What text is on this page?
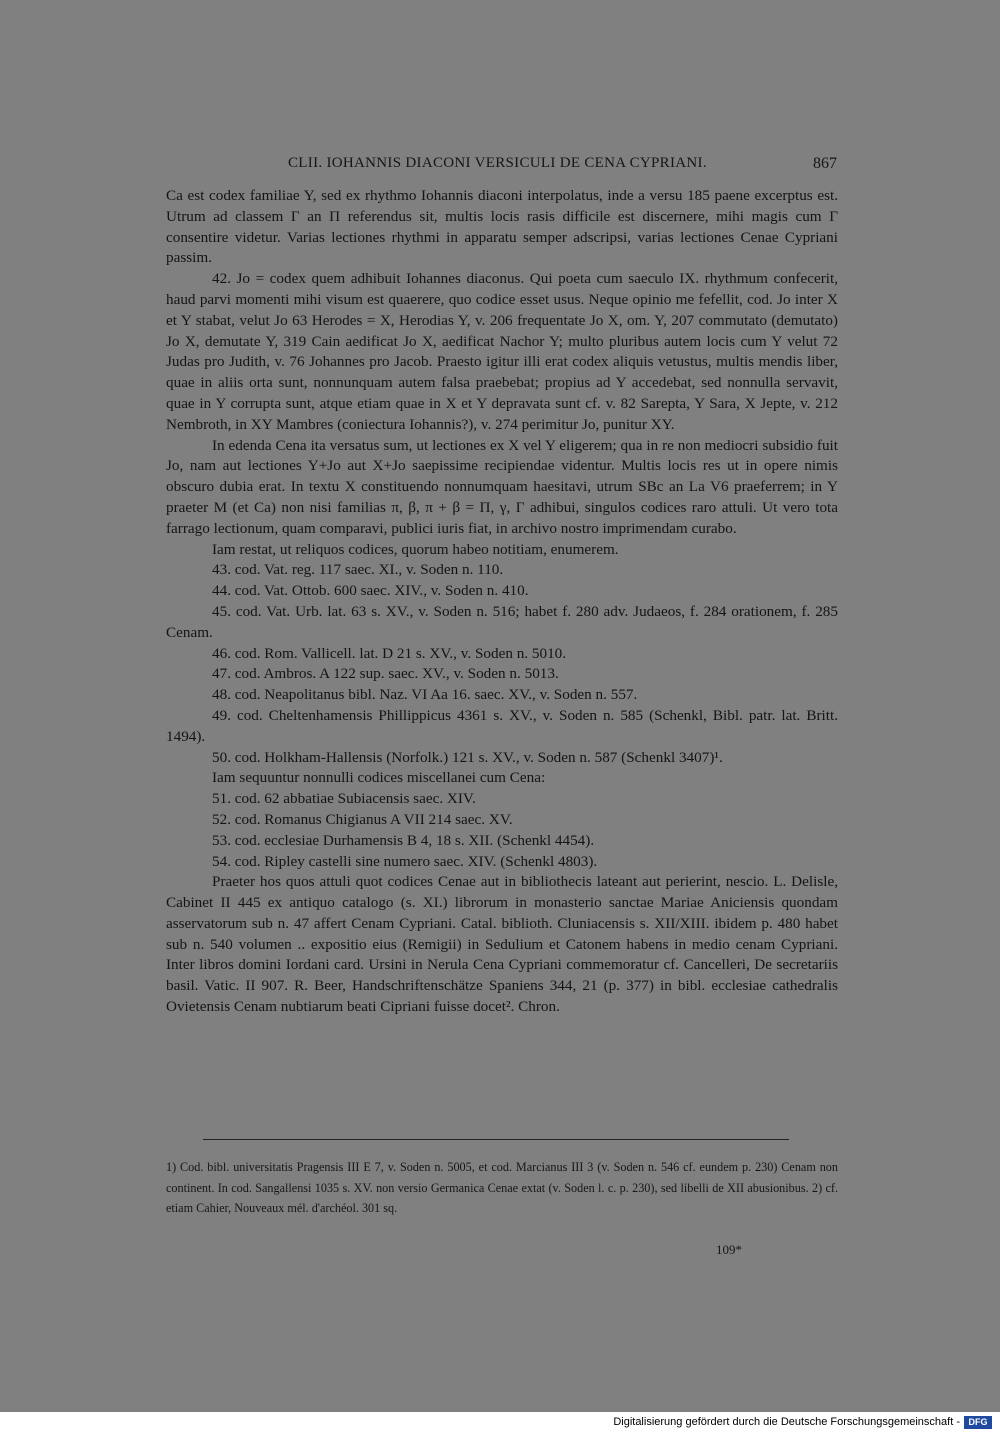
CLII. IOHANNIS DIACONI VERSICULI DE CENA CYPRIANI.	867

Ca est codex familiae Y, sed ex rhythmo Iohannis diaconi interpolatus, inde a versu 185 paene excerptus est. Utrum ad classem Γ an Π referendus sit, multis locis rasis difficile est discernere, mihi magis cum Γ consentire videtur. Varias lectiones rhythmi in apparatu semper adscripsi, varias lectiones Cenae Cypriani passim.

42. Jo = codex quem adhibuit Iohannes diaconus. Qui poeta cum saeculo IX. rhythmum confecerit, haud parvi momenti mihi visum est quaerere, quo codice esset usus. Neque opinio me fefellit, cod. Jo inter X et Y stabat, velut Jo 63 Herodes = X, Herodias Y, v. 206 frequentate Jo X, om. Y, 207 commutato (demutato) Jo X, demutate Y, 319 Cain aedificat Jo X, aedificat Nachor Y; multo pluribus autem locis cum Y velut 72 Judas pro Judith, v. 76 Johannes pro Jacob. Praesto igitur illi erat codex aliquis vetustus, multis mendis liber, quae in aliis orta sunt, nonnunquam autem falsa praebebat; propius ad Y accedebat, sed nonnulla servavit, quae in Y corrupta sunt, atque etiam quae in X et Y depravata sunt cf. v. 82 Sarepta, Y Sara, X Jepte, v. 212 Nembroth, in XY Mambres (coniectura Iohannis?), v. 274 perimitur Jo, punitur XY.

In edenda Cena ita versatus sum, ut lectiones ex X vel Y eligerem; qua in re non mediocri subsidio fuit Jo, nam aut lectiones Y+Jo aut X+Jo saepissime recipiendae videntur. Multis locis res ut in opere nimis obscuro dubia erat. In textu X constituendo nonnumquam haesitavi, utrum SBc an La V6 praeferrem; in Y praeter M (et Ca) non nisi familias π, β, π + β = Π, γ, Γ adhibui, singulos codices raro attuli. Ut vero tota farrago lectionum, quam comparavi, publici iuris fiat, in archivo nostro imprimendam curabo.

Iam restat, ut reliquos codices, quorum habeo notitiam, enumerem.

43. cod. Vat. reg. 117 saec. XI., v. Soden n. 110.

44. cod. Vat. Ottob. 600 saec. XIV., v. Soden n. 410.

45. cod. Vat. Urb. lat. 63 s. XV., v. Soden n. 516; habet f. 280 adv. Judaeos, f. 284 orationem, f. 285 Cenam.

46. cod. Rom. Vallicell. lat. D 21 s. XV., v. Soden n. 5010.

47. cod. Ambros. A 122 sup. saec. XV., v. Soden n. 5013.

48. cod. Neapolitanus bibl. Naz. VI Aa 16. saec. XV., v. Soden n. 557.

49. cod. Cheltenhamensis Phillippicus 4361 s. XV., v. Soden n. 585 (Schenkl, Bibl. patr. lat. Britt. 1494).

50. cod. Holkham-Hallensis (Norfolk.) 121 s. XV., v. Soden n. 587 (Schenkl 3407)¹.

Iam sequuntur nonnulli codices miscellanei cum Cena:

51. cod. 62 abbatiae Subiacensis saec. XIV.

52. cod. Romanus Chigianus A VII 214 saec. XV.

53. cod. ecclesiae Durhamensis B 4, 18 s. XII. (Schenkl 4454).

54. cod. Ripley castelli sine numero saec. XIV. (Schenkl 4803).

Praeter hos quos attuli quot codices Cenae aut in bibliothecis lateant aut perierint, nescio. L. Delisle, Cabinet II 445 ex antiquo catalogo (s. XI.) librorum in monasterio sanctae Mariae Aniciensis quondam asservatorum sub n. 47 affert Cenam Cypriani. Catal. biblioth. Cluniacensis s. XII/XIII. ibidem p. 480 habet sub n. 540 volumen .. expositio eius (Remigii) in Sedulium et Catonem habens in medio cenam Cypriani. Inter libros domini Iordani card. Ursini in Nerula Cena Cypriani commemoratur cf. Cancelleri, De secretariis basil. Vatic. II 907. R. Beer, Handschriftenschätze Spaniens 344, 21 (p. 377) in bibl. ecclesiae cathedralis Ovietensis Cenam nubtiarum beati Cipriani fuisse docet². Chron.

1) Cod. bibl. universitatis Pragensis III E 7, v. Soden n. 5005, et cod. Marcianus III 3 (v. Soden n. 546 cf. eundem p. 230) Cenam non continent. In cod. Sangallensi 1035 s. XV. non versio Germanica Cenae extat (v. Soden l. c. p. 230), sed libelli de XII abusionibus. 2) cf. etiam Cahier, Nouveaux mél. d'archéol. 301 sq.

109*
Digitalisierung gefördert durch die Deutsche Forschungsgemeinschaft - DFG
